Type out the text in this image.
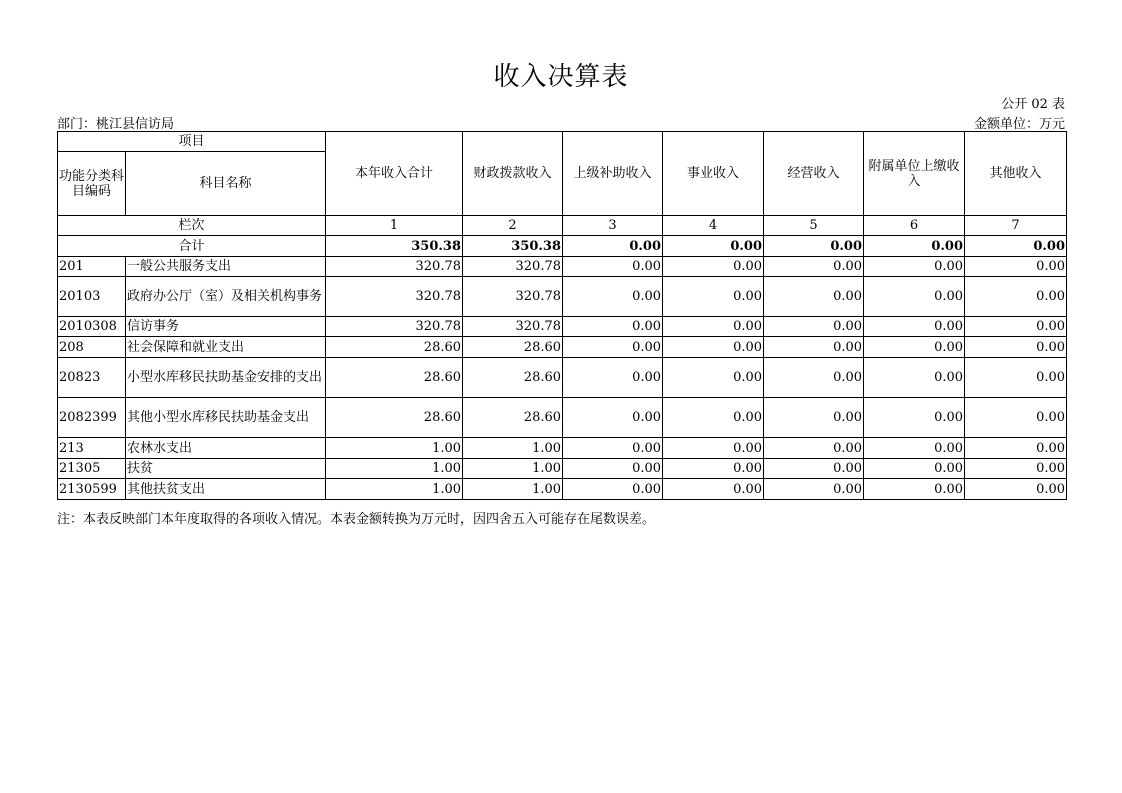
收入决算表
公开 02 表
部门：桃江县信访局	金额单位：万元
项目		本年收入合计	财政拨款收入	上级补助收入	事业收入	经营收入	附属单位上缴收入	其他收入
功能分类科目编码	科目名称							
栏次		1	2	3	4	5	6	7
合计		350.38	350.38	0.00	0.00	0.00	0.00	0.00
201	一般公共服务支出	320.78	320.78	0.00	0.00	0.00	0.00	0.00
20103	政府办公厅（室）及相关机构事务	320.78	320.78	0.00	0.00	0.00	0.00	0.00
2010308	信访事务	320.78	320.78	0.00	0.00	0.00	0.00	0.00
208	社会保障和就业支出	28.60	28.60	0.00	0.00	0.00	0.00	0.00
20823	小型水库移民扶助基金安排的支出	28.60	28.60	0.00	0.00	0.00	0.00	0.00
2082399	其他小型水库移民扶助基金支出	28.60	28.60	0.00	0.00	0.00	0.00	0.00
213	农林水支出	1.00	1.00	0.00	0.00	0.00	0.00	0.00
21305	扶贫	1.00	1.00	0.00	0.00	0.00	0.00	0.00
2130599	其他扶贫支出	1.00	1.00	0.00	0.00	0.00	0.00	0.00
注：本表反映部门本年度取得的各项收入情况。本表金额转换为万元时，因四舍五入可能存在尾数误差。
